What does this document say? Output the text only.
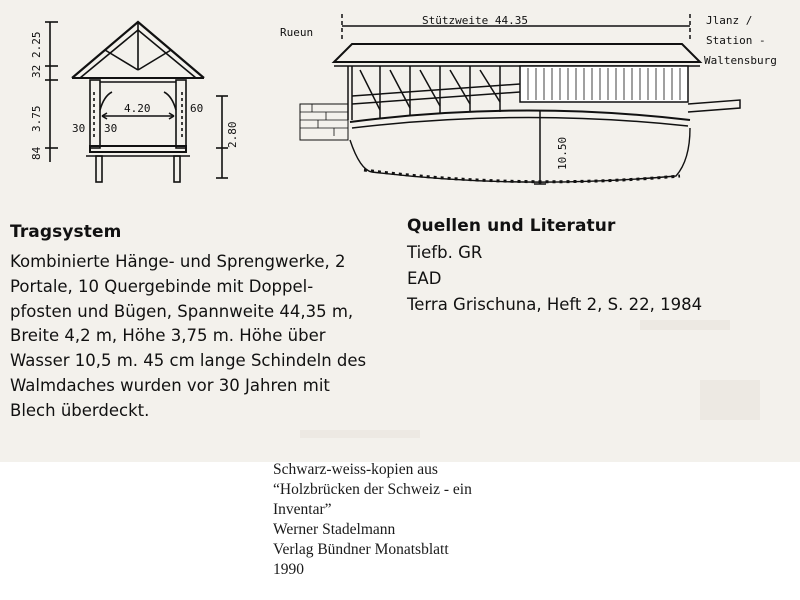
2.25
32
3.75
84
4.20	60
2.80
30 30
Rueun
Stützweite 44.35	Jlanz /
Station -
Waltensburg
10.50
Tragsystem
Kombinierte Hänge- und Sprengwerke, 2
Portale, 10 Quergebinde mit Doppel-
pfosten und Bügen, Spannweite 44,35 m,
Breite 4,2 m, Höhe 3,75 m. Höhe über
Wasser 10,5 m. 45 cm lange Schindeln des
Walmdaches wurden vor 30 Jahren mit
Blech überdeckt.
Quellen und Literatur
Tiefb. GR
EAD
Terra Grischuna, Heft 2, S. 22, 1984
Schwarz-weiss-kopien aus
“Holzbrücken der Schweiz - ein
Inventar”
Werner Stadelmann
Verlag Bündner Monatsblatt
1990
